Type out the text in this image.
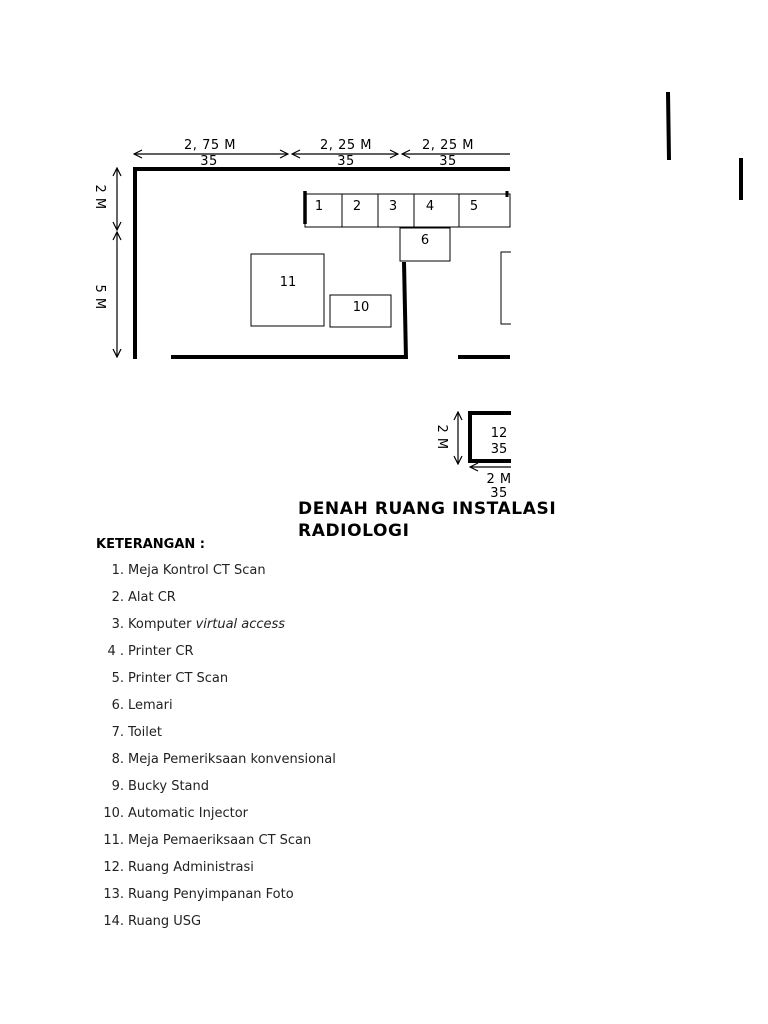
2, 75 M
35
2, 25 M
35
2, 25 M
35
2 M
5 M
1 2 3 4	5
6
11
10
2 M	12
35
2 M
35
DENAH RUANG INSTALASI RADIOLOGI
KETERANGAN :
1. Meja Kontrol CT Scan
2. Alat CR
3. Komputer virtual access
4 . Printer CR
5. Printer CT Scan
6. Lemari
7. Toilet
8. Meja Pemeriksaan konvensional
9. Bucky Stand
10. Automatic Injector
11. Meja Pemaeriksaan CT Scan
12. Ruang Administrasi
13. Ruang Penyimpanan Foto
14. Ruang USG
